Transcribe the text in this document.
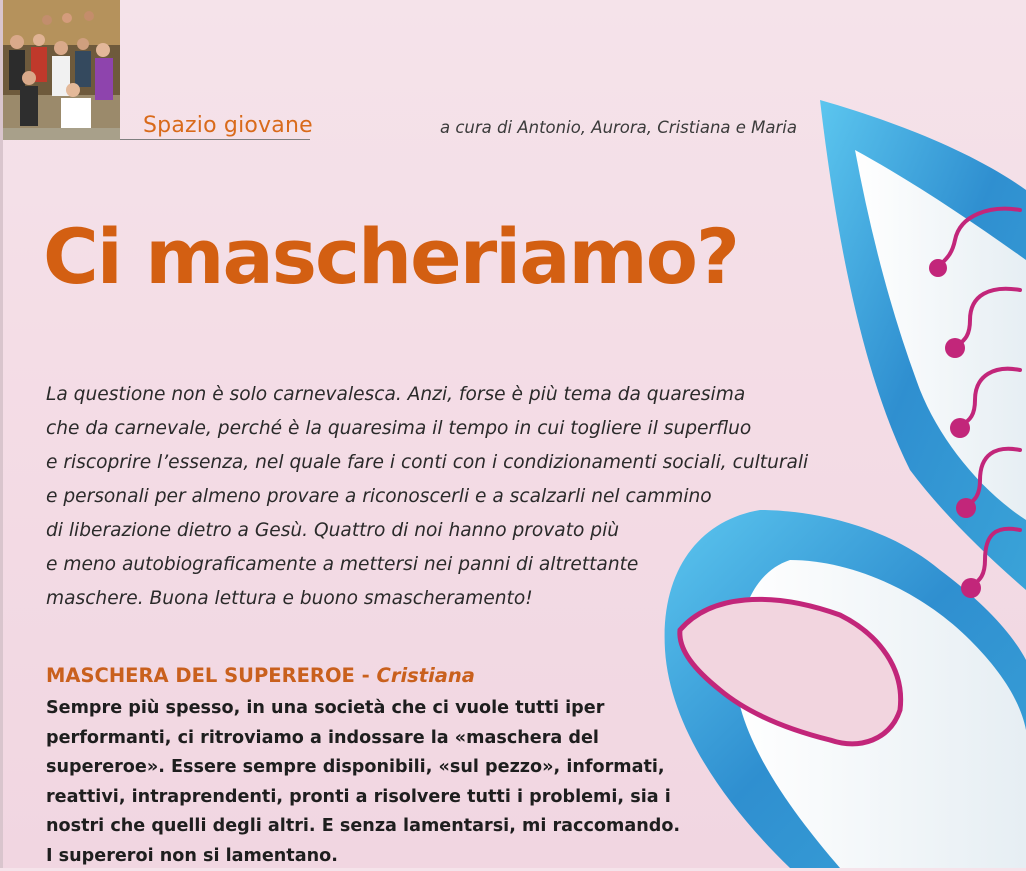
Spazio giovane	a cura di Antonio, Aurora, Cristiana e Maria
Ci mascheriamo?
La questione non è solo carnevalesca. Anzi, forse è più tema da quaresima
che da carnevale, perché è la quaresima il tempo in cui togliere il superfluo
e riscoprire l’essenza, nel quale fare i conti con i condizionamenti sociali, culturali
e personali per almeno provare a riconoscerli e a scalzarli nel cammino
di liberazione dietro a Gesù. Quattro di noi hanno provato più
e meno autobiograficamente a mettersi nei panni di altrettante
maschere. Buona lettura e buono smascheramento!
MASCHERA DEL SUPEREROE - Cristiana
Sempre più spesso, in una società che ci vuole tutti iper
performanti, ci ritroviamo a indossare la «maschera del
supereroe». Essere sempre disponibili, «sul pezzo», informati,
reattivi, intraprendenti, pronti a risolvere tutti i problemi, sia i
nostri che quelli degli altri. E senza lamentarsi, mi raccomando.
I supereroi non si lamentano.
